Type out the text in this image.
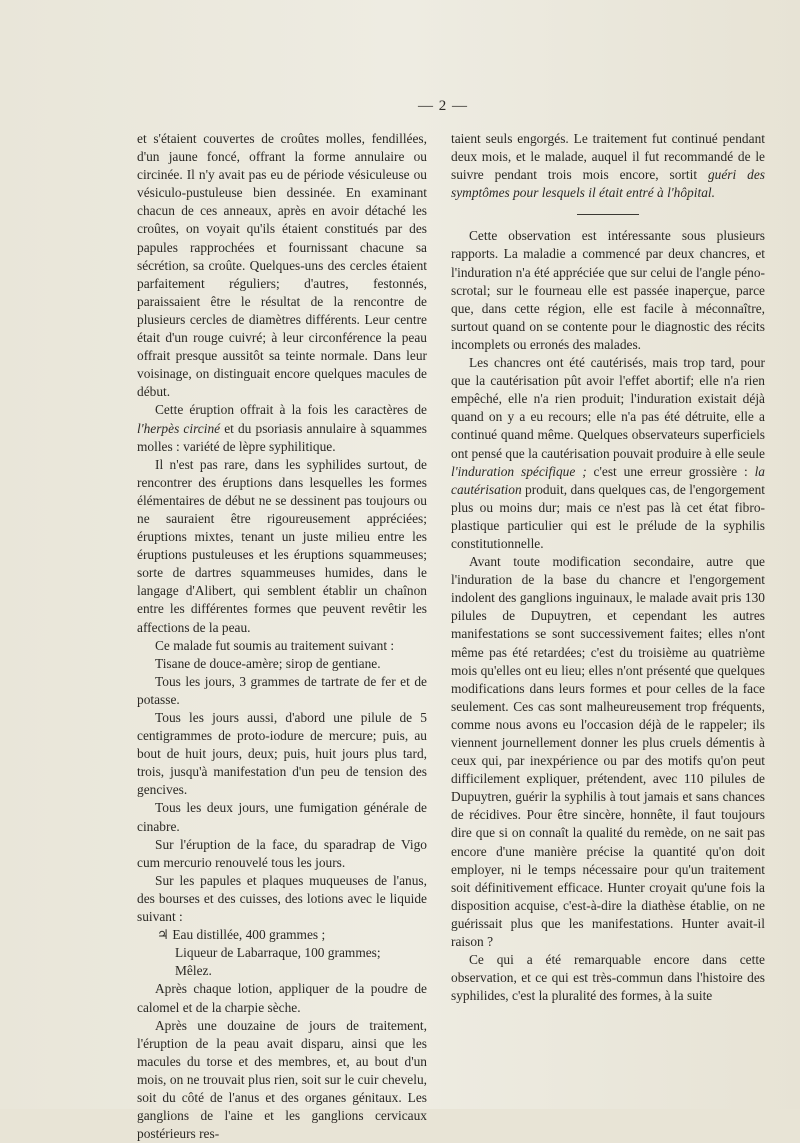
— 2 —

et s'étaient couvertes de croûtes molles, fendillées, d'un jaune foncé, offrant la forme annulaire ou circinée. Il n'y avait pas eu de période vésiculeuse ou vésiculo-pustuleuse bien dessinée. En examinant chacun de ces anneaux, après en avoir détaché les croûtes, on voyait qu'ils étaient constitués par des papules rapprochées et fournissant chacune sa sécrétion, sa croûte. Quelques-uns des cercles étaient parfaitement réguliers; d'autres, festonnés, paraissaient être le résultat de la rencontre de plusieurs cercles de diamètres différents. Leur centre était d'un rouge cuivré; à leur circonférence la peau offrait presque aussitôt sa teinte normale. Dans leur voisinage, on distinguait encore quelques macules de début.

Cette éruption offrait à la fois les caractères de l'herpès circiné et du psoriasis annulaire à squammes molles : variété de lèpre syphilitique.

Il n'est pas rare, dans les syphilides surtout, de rencontrer des éruptions dans lesquelles les formes élémentaires de début ne se dessinent pas toujours ou ne sauraient être rigoureusement appréciées; éruptions mixtes, tenant un juste milieu entre les éruptions pustuleuses et les éruptions squammeuses; sorte de dartres squammeuses humides, dans le langage d'Alibert, qui semblent établir un chaînon entre les différentes formes que peuvent revêtir les affections de la peau.

Ce malade fut soumis au traitement suivant :

Tisane de douce-amère; sirop de gentiane.

Tous les jours, 3 grammes de tartrate de fer et de potasse.

Tous les jours aussi, d'abord une pilule de 5 centigrammes de proto-iodure de mercure; puis, au bout de huit jours, deux; puis, huit jours plus tard, trois, jusqu'à manifestation d'un peu de tension des gencives.

Tous les deux jours, une fumigation générale de cinabre.

Sur l'éruption de la face, du sparadrap de Vigo cum mercurio renouvelé tous les jours.

Sur les papules et plaques muqueuses de l'anus, des bourses et des cuisses, des lotions avec le liquide suivant :

♃ Eau distillée, 400 grammes ;

Liqueur de Labarraque, 100 grammes;

Mêlez.

Après chaque lotion, appliquer de la poudre de calomel et de la charpie sèche.

Après une douzaine de jours de traitement, l'éruption de la peau avait disparu, ainsi que les macules du torse et des membres, et, au bout d'un mois, on ne trouvait plus rien, soit sur le cuir chevelu, soit du côté de l'anus et des organes génitaux. Les ganglions de l'aine et les ganglions cervicaux postérieurs res-

taient seuls engorgés. Le traitement fut continué pendant deux mois, et le malade, auquel il fut recommandé de le suivre pendant trois mois encore, sortit guéri des symptômes pour lesquels il était entré à l'hôpital.

Cette observation est intéressante sous plusieurs rapports. La maladie a commencé par deux chancres, et l'induration n'a été appréciée que sur celui de l'angle péno-scrotal; sur le fourneau elle est passée inaperçue, parce que, dans cette région, elle est facile à méconnaître, surtout quand on se contente pour le diagnostic des récits incomplets ou erronés des malades.

Les chancres ont été cautérisés, mais trop tard, pour que la cautérisation pût avoir l'effet abortif; elle n'a rien empêché, elle n'a rien produit; l'induration existait déjà quand on y a eu recours; elle n'a pas été détruite, elle a continué quand même. Quelques observateurs superficiels ont pensé que la cautérisation pouvait produire à elle seule l'induration spécifique ; c'est une erreur grossière : la cautérisation produit, dans quelques cas, de l'engorgement plus ou moins dur; mais ce n'est pas là cet état fibro-plastique particulier qui est le prélude de la syphilis constitutionnelle.

Avant toute modification secondaire, autre que l'induration de la base du chancre et l'engorgement indolent des ganglions inguinaux, le malade avait pris 130 pilules de Dupuytren, et cependant les autres manifestations se sont successivement faites; elles n'ont même pas été retardées; c'est du troisième au quatrième mois qu'elles ont eu lieu; elles n'ont présenté que quelques modifications dans leurs formes et pour celles de la face seulement. Ces cas sont malheureusement trop fréquents, comme nous avons eu l'occasion déjà de le rappeler; ils viennent journellement donner les plus cruels démentis à ceux qui, par inexpérience ou par des motifs qu'on peut difficilement expliquer, prétendent, avec 110 pilules de Dupuytren, guérir la syphilis à tout jamais et sans chances de récidives. Pour être sincère, honnête, il faut toujours dire que si on connaît la qualité du remède, on ne sait pas encore d'une manière précise la quantité qu'on doit employer, ni le temps nécessaire pour qu'un traitement soit définitivement efficace. Hunter croyait qu'une fois la disposition acquise, c'est-à-dire la diathèse établie, on ne guérissait plus que les manifestations. Hunter avait-il raison ?

Ce qui a été remarquable encore dans cette observation, et ce qui est très-commun dans l'histoire des syphilides, c'est la pluralité des formes, à la suite
